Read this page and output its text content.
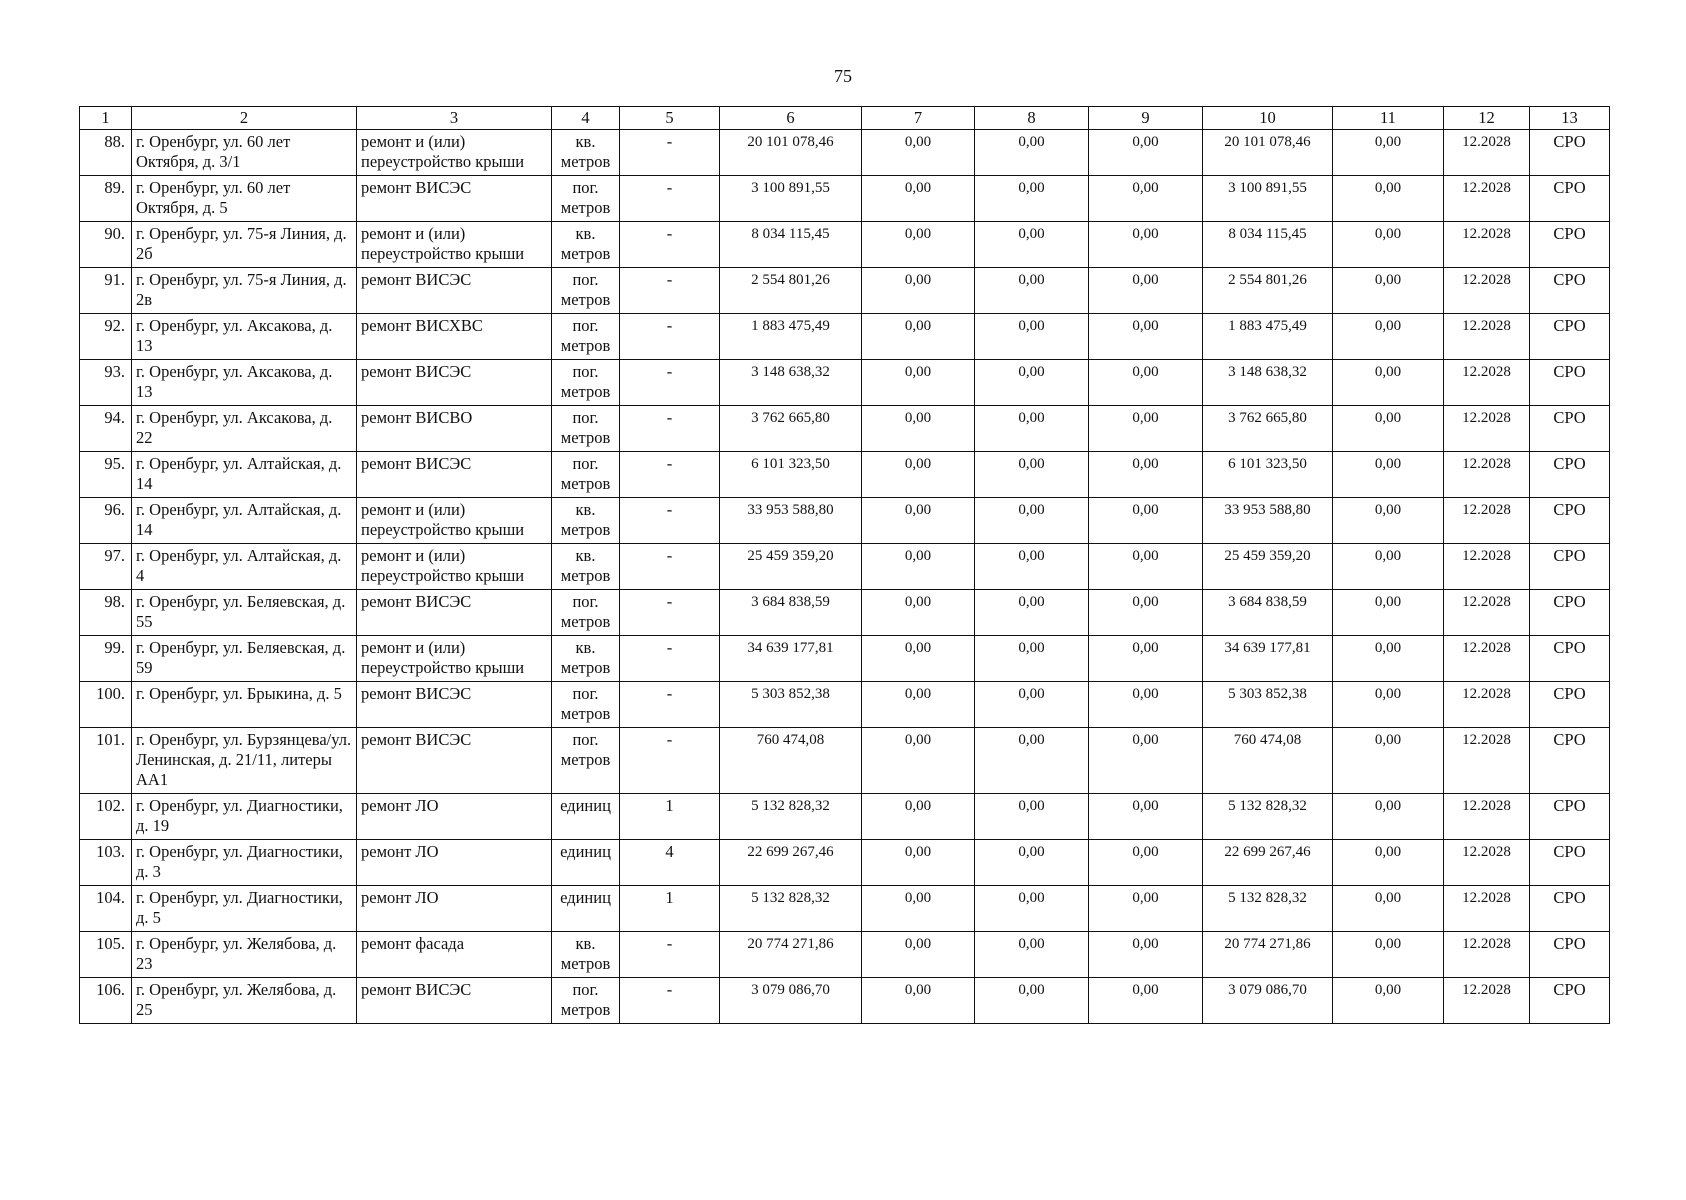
75
1	2	3	4	5	6	7	8	9	10	11	12	13
88.	г. Оренбург, ул. 60 лет Октября, д. 3/1	ремонт и (или) переустройство крыши	кв. метров	-	20 101 078,46	0,00	0,00	0,00	20 101 078,46	0,00	12.2028	СРО
89.	г. Оренбург, ул. 60 лет Октября, д. 5	ремонт ВИСЭС	пог. метров	-	3 100 891,55	0,00	0,00	0,00	3 100 891,55	0,00	12.2028	СРО
90.	г. Оренбург, ул. 75-я Линия, д. 2б	ремонт и (или) переустройство крыши	кв. метров	-	8 034 115,45	0,00	0,00	0,00	8 034 115,45	0,00	12.2028	СРО
91.	г. Оренбург, ул. 75-я Линия, д. 2в	ремонт ВИСЭС	пог. метров	-	2 554 801,26	0,00	0,00	0,00	2 554 801,26	0,00	12.2028	СРО
92.	г. Оренбург, ул. Аксакова, д. 13	ремонт ВИСХВС	пог. метров	-	1 883 475,49	0,00	0,00	0,00	1 883 475,49	0,00	12.2028	СРО
93.	г. Оренбург, ул. Аксакова, д. 13	ремонт ВИСЭС	пог. метров	-	3 148 638,32	0,00	0,00	0,00	3 148 638,32	0,00	12.2028	СРО
94.	г. Оренбург, ул. Аксакова, д. 22	ремонт ВИСВО	пог. метров	-	3 762 665,80	0,00	0,00	0,00	3 762 665,80	0,00	12.2028	СРО
95.	г. Оренбург, ул. Алтайская, д. 14	ремонт ВИСЭС	пог. метров	-	6 101 323,50	0,00	0,00	0,00	6 101 323,50	0,00	12.2028	СРО
96.	г. Оренбург, ул. Алтайская, д. 14	ремонт и (или) переустройство крыши	кв. метров	-	33 953 588,80	0,00	0,00	0,00	33 953 588,80	0,00	12.2028	СРО
97.	г. Оренбург, ул. Алтайская, д. 4	ремонт и (или) переустройство крыши	кв. метров	-	25 459 359,20	0,00	0,00	0,00	25 459 359,20	0,00	12.2028	СРО
98.	г. Оренбург, ул. Беляевская, д. 55	ремонт ВИСЭС	пог. метров	-	3 684 838,59	0,00	0,00	0,00	3 684 838,59	0,00	12.2028	СРО
99.	г. Оренбург, ул. Беляевская, д. 59	ремонт и (или) переустройство крыши	кв. метров	-	34 639 177,81	0,00	0,00	0,00	34 639 177,81	0,00	12.2028	СРО
100.	г. Оренбург, ул. Брыкина, д. 5	ремонт ВИСЭС	пог. метров	-	5 303 852,38	0,00	0,00	0,00	5 303 852,38	0,00	12.2028	СРО
101.	г. Оренбург, ул. Бурзянцева/ул. Ленинская, д. 21/11, литеры АА1	ремонт ВИСЭС	пог. метров	-	760 474,08	0,00	0,00	0,00	760 474,08	0,00	12.2028	СРО
102.	г. Оренбург, ул. Диагностики, д. 19	ремонт ЛО	единиц	1	5 132 828,32	0,00	0,00	0,00	5 132 828,32	0,00	12.2028	СРО
103.	г. Оренбург, ул. Диагностики, д. 3	ремонт ЛО	единиц	4	22 699 267,46	0,00	0,00	0,00	22 699 267,46	0,00	12.2028	СРО
104.	г. Оренбург, ул. Диагностики, д. 5	ремонт ЛО	единиц	1	5 132 828,32	0,00	0,00	0,00	5 132 828,32	0,00	12.2028	СРО
105.	г. Оренбург, ул. Желябова, д. 23	ремонт фасада	кв. метров	-	20 774 271,86	0,00	0,00	0,00	20 774 271,86	0,00	12.2028	СРО
106.	г. Оренбург, ул. Желябова, д. 25	ремонт ВИСЭС	пог. метров	-	3 079 086,70	0,00	0,00	0,00	3 079 086,70	0,00	12.2028	СРО
